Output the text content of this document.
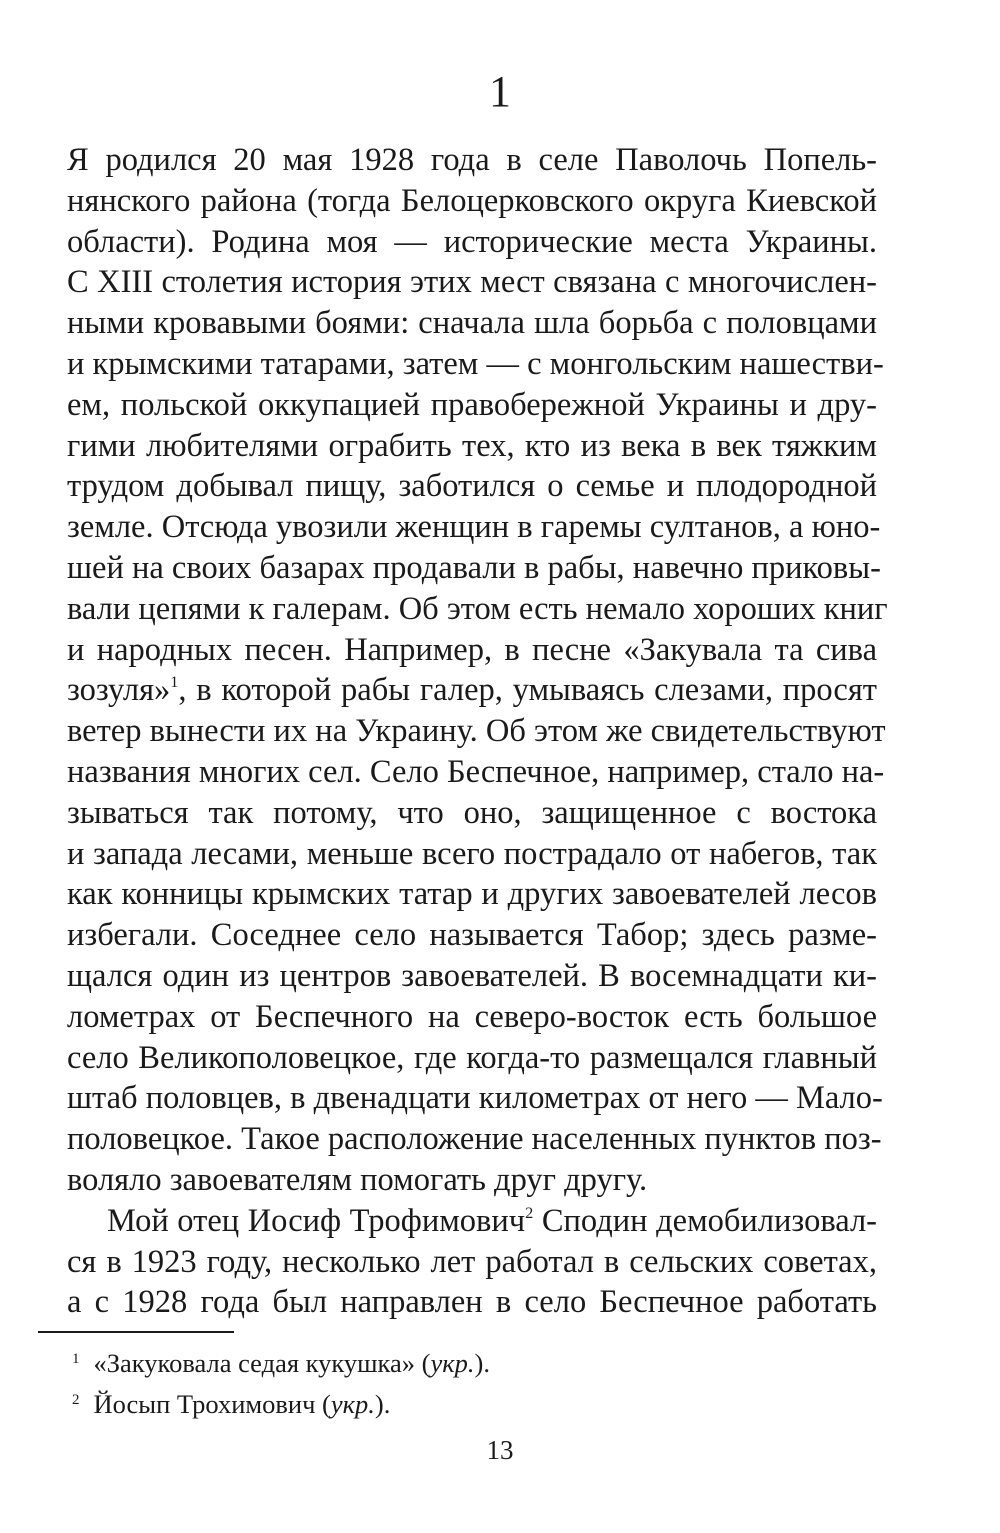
1
Я родился 20 мая 1928 года в селе Паволочь Попель-
нянского района (тогда Белоцерковского округа Киевской
области). Родина моя — исторические места Украины.
С XIII столетия история этих мест связана с многочислен-
ными кровавыми боями: сначала шла борьба с половцами
и крымскими татарами, затем — с монгольским нашестви-
ем, польской оккупацией правобережной Украины и дру-
гими любителями ограбить тех, кто из века в век тяжким
трудом добывал пищу, заботился о семье и плодородной
земле. Отсюда увозили женщин в гаремы султанов, а юно-
шей на своих базарах продавали в рабы, навечно приковы-
вали цепями к галерам. Об этом есть немало хороших книг
и народных песен. Например, в песне «Закувала та сива
зозуля»$^1$, в которой рабы галер, умываясь слезами, просят
ветер вынести их на Украину. Об этом же свидетельствуют
названия многих сел. Село Беспечное, например, стало на-
зываться так потому, что оно, защищенное с востока
и запада лесами, меньше всего пострадало от набегов, так
как конницы крымских татар и других завоевателей лесов
избегали. Соседнее село называется Табор; здесь разме-
щался один из центров завоевателей. В восемнадцати ки-
лометрах от Беспечного на северо-восток есть большое
село Великополовецкое, где когда-то размещался главный
штаб половцев, в двенадцати километрах от него — Мало-
половецкое. Такое расположение населенных пунктов поз-
воляло завоевателям помогать друг другу.
Мой отец Иосиф Трофимович$^2$ Сподин демобилизовал-
ся в 1923 году, несколько лет работал в сельских советах,
а с 1928 года был направлен в село Беспечное работать
1 «Закуковала седая кукушка» (укр.).
2 Йосып Трохимович (укр.).
13
